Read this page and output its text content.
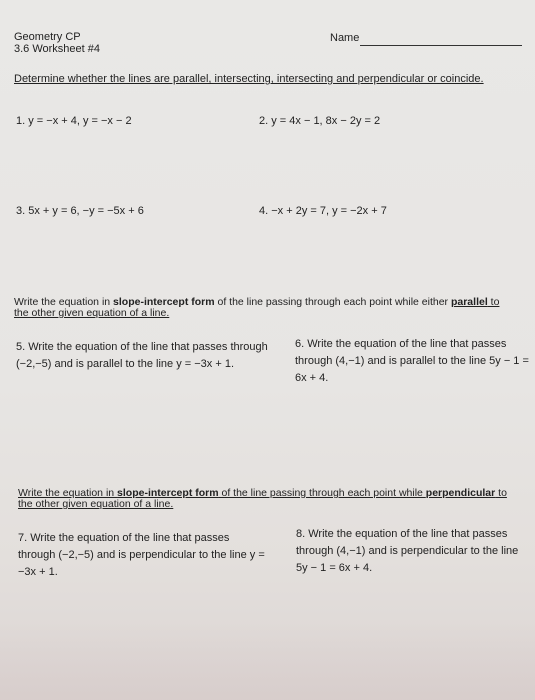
Geometry CP
3.6 Worksheet #4
Name
Determine whether the lines are parallel, intersecting, intersecting and perpendicular or coincide.
1. y = −x + 4, y = −x − 2	2. y = 4x − 1, 8x − 2y = 2
3. 5x + y = 6, −y = −5x + 6	4. −x + 2y = 7, y = −2x + 7
Write the equation in slope-intercept form of the line passing through each point while either parallel to the other given equation of a line.
5. Write the equation of the line that passes through (−2,−5) and is parallel to the line y = −3x + 1.
6. Write the equation of the line that passes through (4,−1) and is parallel to the line 5y − 1 = 6x + 4.
Write the equation in slope-intercept form of the line passing through each point while perpendicular to the other given equation of a line.
7. Write the equation of the line that passes through (−2,−5) and is perpendicular to the line y = −3x + 1.
8. Write the equation of the line that passes through (4,−1) and is perpendicular to the line 5y − 1 = 6x + 4.
